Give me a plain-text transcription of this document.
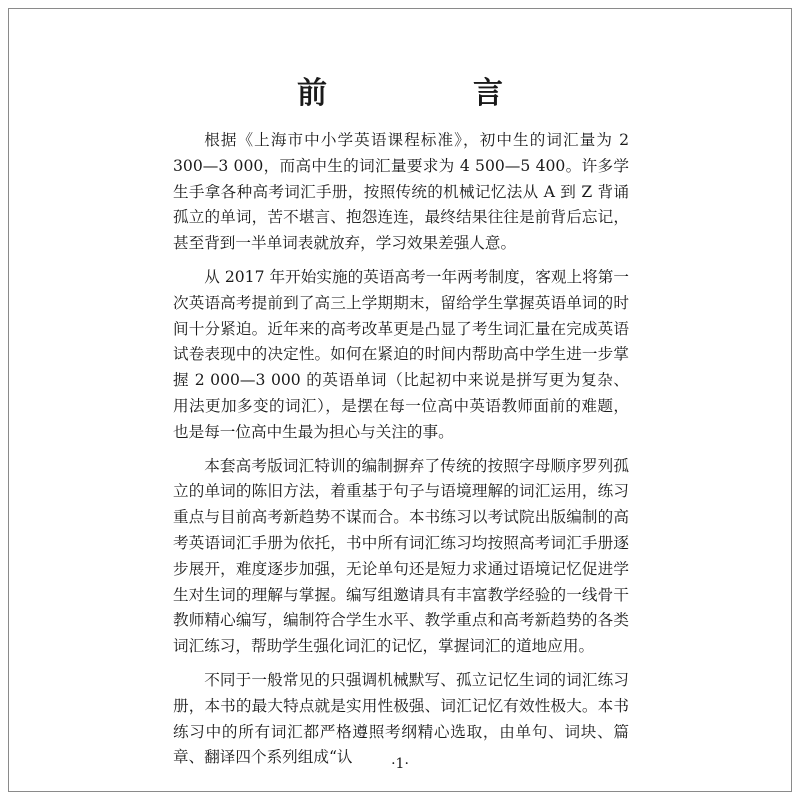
前　言

根据《上海市中小学英语课程标准》，初中生的词汇量为 2 300—3 000，而高中生的词汇量要求为 4 500—5 400。许多学生手拿各种高考词汇手册，按照传统的机械记忆法从 A 到 Z 背诵孤立的单词，苦不堪言、抱怨连连，最终结果往往是前背后忘记，甚至背到一半单词表就放弃，学习效果差强人意。

从 2017 年开始实施的英语高考一年两考制度，客观上将第一次英语高考提前到了高三上学期期末，留给学生掌握英语单词的时间十分紧迫。近年来的高考改革更是凸显了考生词汇量在完成英语试卷表现中的决定性。如何在紧迫的时间内帮助高中学生进一步掌握 2 000—3 000 的英语单词（比起初中来说是拼写更为复杂、用法更加多变的词汇），是摆在每一位高中英语教师面前的难题，也是每一位高中生最为担心与关注的事。

本套高考版词汇特训的编制摒弃了传统的按照字母顺序罗列孤立的单词的陈旧方法，着重基于句子与语境理解的词汇运用，练习重点与目前高考新趋势不谋而合。本书练习以考试院出版编制的高考英语词汇手册为依托，书中所有词汇练习均按照高考词汇手册逐步展开，难度逐步加强，无论单句还是短力求通过语境记忆促进学生对生词的理解与掌握。编写组邀请具有丰富教学经验的一线骨干教师精心编写，编制符合学生水平、教学重点和高考新趋势的各类词汇练习，帮助学生强化词汇的记忆，掌握词汇的道地应用。

不同于一般常见的只强调机械默写、孤立记忆生词的词汇练习册，本书的最大特点就是实用性极强、词汇记忆有效性极大。本书练习中的所有词汇都严格遵照考纲精心选取，由单句、词块、篇章、翻译四个系列组成“认	·1·
